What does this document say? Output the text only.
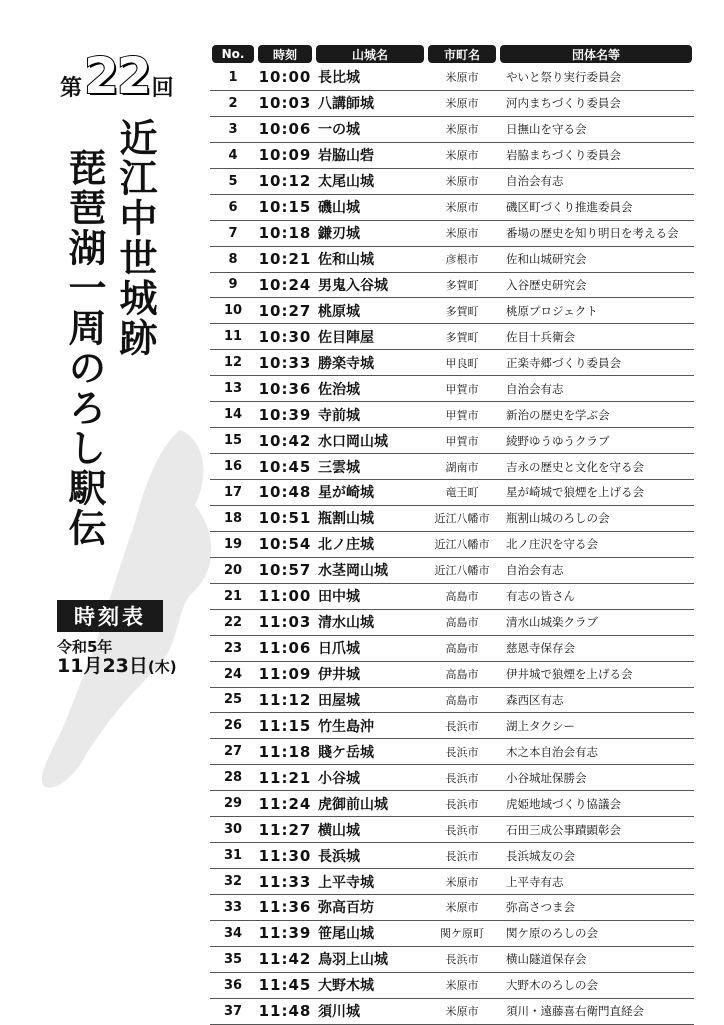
第 22 回
近江中世城跡
琵琶湖一周のろし駅伝
時刻表
令和5年
11月23日(木)
No.	時刻	山城名	市町名	団体名等

1	10:00	長比城	米原市	やいと祭り実行委員会
2	10:03	八講師城	米原市	河内まちづくり委員会
3	10:06	一の城	米原市	日撫山を守る会
4	10:09	岩脇山砦	米原市	岩脇まちづくり委員会
5	10:12	太尾山城	米原市	自治会有志
6	10:15	磯山城	米原市	磯区町づくり推進委員会
7	10:18	鎌刃城	米原市	番場の歴史を知り明日を考える会
8	10:21	佐和山城	彦根市	佐和山城研究会
9	10:24	男鬼入谷城	多賀町	入谷歴史研究会
10	10:27	桃原城	多賀町	桃原プロジェクト
11	10:30	佐目陣屋	多賀町	佐目十兵衛会
12	10:33	勝楽寺城	甲良町	正楽寺郷づくり委員会
13	10:36	佐治城	甲賀市	自治会有志
14	10:39	寺前城	甲賀市	新治の歴史を学ぶ会
15	10:42	水口岡山城	甲賀市	綾野ゆうゆうクラブ
16	10:45	三雲城	湖南市	吉永の歴史と文化を守る会
17	10:48	星が崎城	竜王町	星が崎城で狼煙を上げる会
18	10:51	瓶割山城	近江八幡市	瓶割山城のろしの会
19	10:54	北ノ庄城	近江八幡市	北ノ庄沢を守る会
20	10:57	水茎岡山城	近江八幡市	自治会有志
21	11:00	田中城	高島市	有志の皆さん
22	11:03	清水山城	高島市	清水山城楽クラブ
23	11:06	日爪城	高島市	慈恩寺保存会
24	11:09	伊井城	高島市	伊井城で狼煙を上げる会
25	11:12	田屋城	高島市	森西区有志
26	11:15	竹生島沖	長浜市	湖上タクシー
27	11:18	賤ケ岳城	長浜市	木之本自治会有志
28	11:21	小谷城	長浜市	小谷城址保勝会
29	11:24	虎御前山城	長浜市	虎姫地域づくり協議会
30	11:27	横山城	長浜市	石田三成公事蹟顕彰会
31	11:30	長浜城	長浜市	長浜城友の会
32	11:33	上平寺城	米原市	上平寺有志
33	11:36	弥高百坊	米原市	弥高さつま会
34	11:39	笹尾山城	関ケ原町	関ケ原のろしの会
35	11:42	鳥羽上山城	長浜市	横山隧道保存会
36	11:45	大野木城	米原市	大野木のろしの会
37	11:48	須川城	米原市	須川・遠藤喜右衛門直経会
